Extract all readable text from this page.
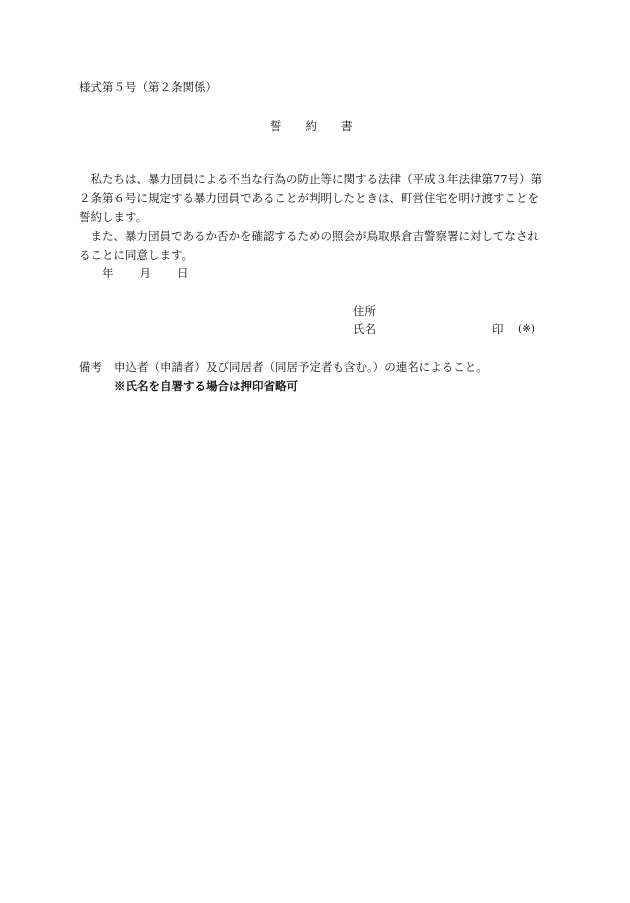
様式第５号（第２条関係）
誓 約 書
　私たちは、暴力団員による不当な行為の防止等に関する法律（平成３年法律第77号）第
２条第６号に規定する暴力団員であることが判明したときは、町営住宅を明け渡すことを
誓約します。
　また、暴力団員であるか否かを確認するための照会が鳥取県倉吉警察署に対してなされ
ることに同意します。
年 月 日
住所
氏名	印 (※)
備考 申込者（申請者）及び同居者（同居予定者も含む。）の連名によること。
※氏名を自署する場合は押印省略可
